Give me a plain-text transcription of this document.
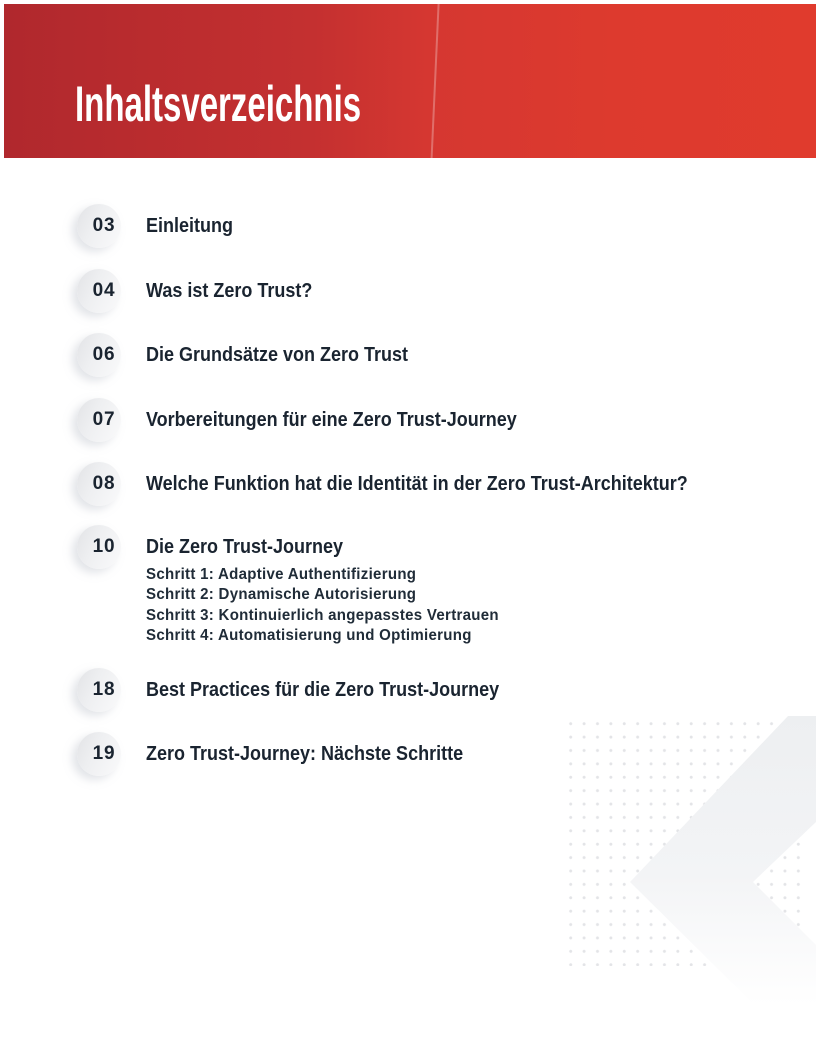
Inhaltsverzeichnis
03 Einleitung
04 Was ist Zero Trust?
06 Die Grundsätze von Zero Trust
07 Vorbereitungen für eine Zero Trust-Journey
08 Welche Funktion hat die Identität in der Zero Trust-Architektur?
10 Die Zero Trust-Journey
Schritt 1: Adaptive Authentifizierung
Schritt 2: Dynamische Autorisierung
Schritt 3: Kontinuierlich angepasstes Vertrauen
Schritt 4: Automatisierung und Optimierung
18 Best Practices für die Zero Trust-Journey
19 Zero Trust-Journey: Nächste Schritte
